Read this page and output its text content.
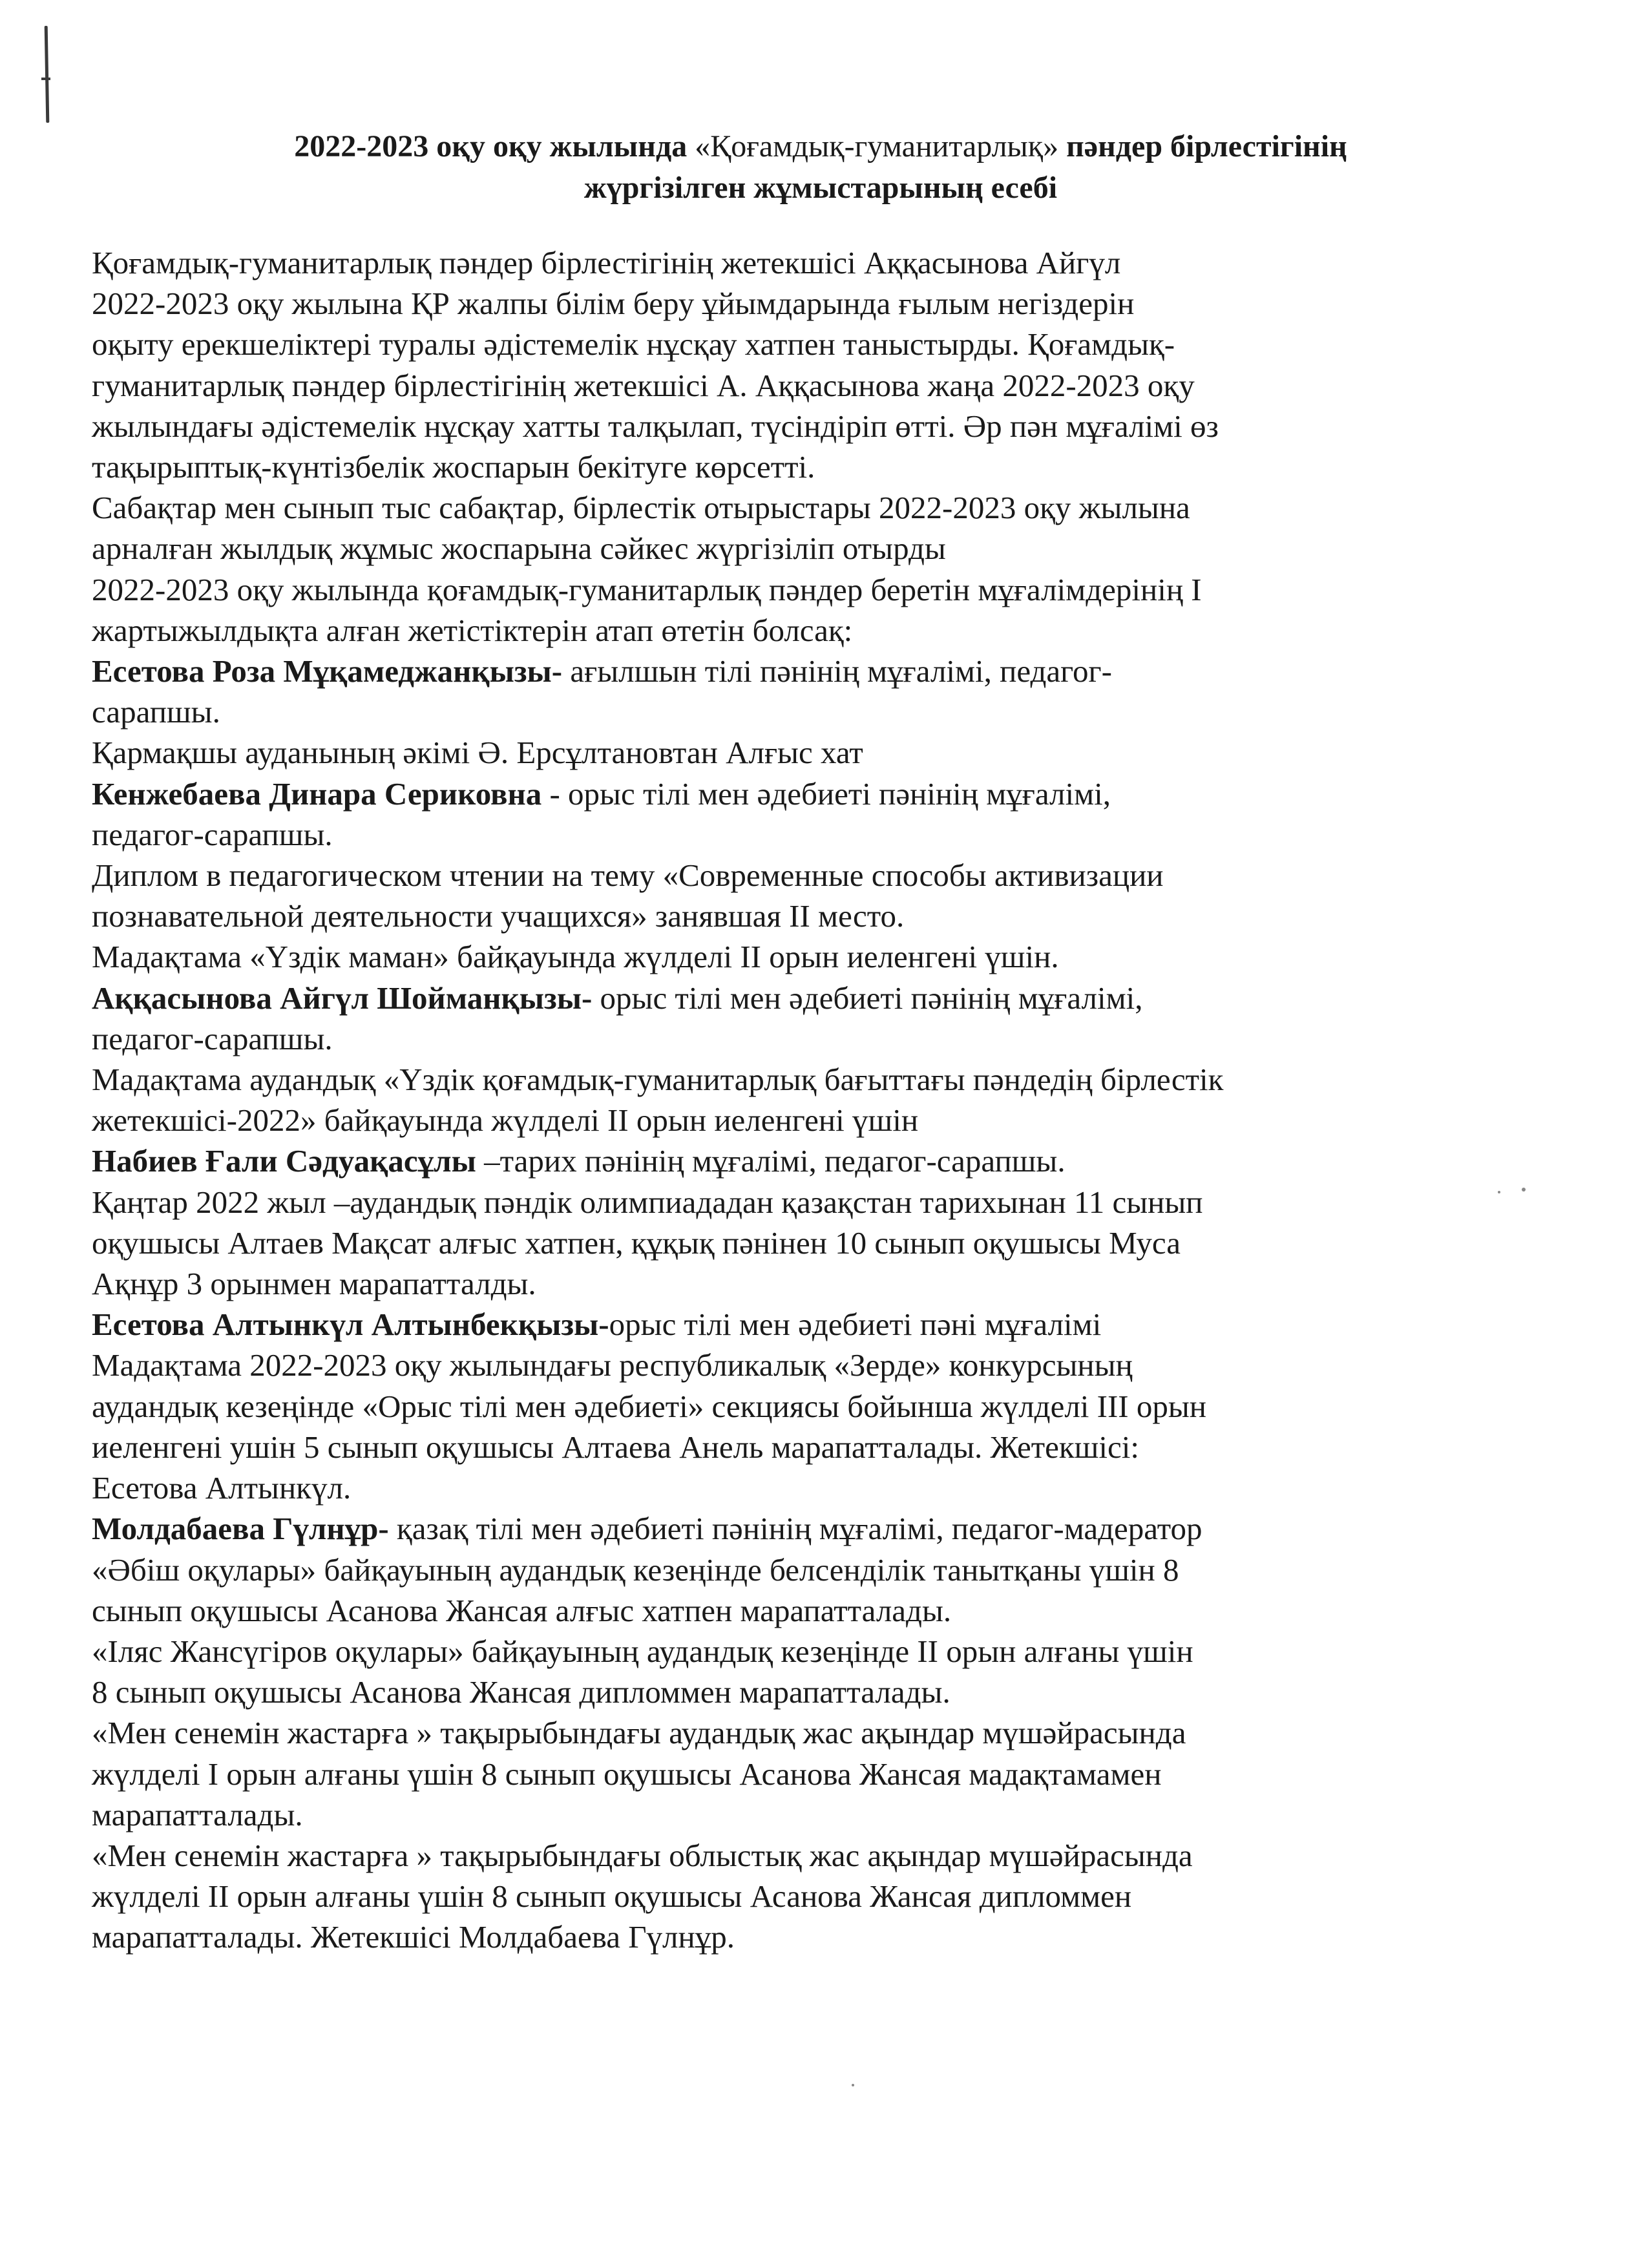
2022-2023 оқу оқу жылында «Қоғамдық-гуманитарлық» пәндер бірлестігінің
жүргізілген жұмыстарының есебі

Қоғамдық-гуманитарлық пәндер бірлестігінің жетекшісі Аққасынова Айгүл

2022-2023 оқу жылына ҚР жалпы білім беру ұйымдарында ғылым негіздерін

оқыту ерекшеліктері туралы әдістемелік нұсқау хатпен таныстырды. Қоғамдық-

гуманитарлық пәндер бірлестігінің жетекшісі А. Аққасынова жаңа 2022-2023 оқу

жылындағы әдістемелік нұсқау хатты талқылап, түсіндіріп өтті. Әр пән мұғалімі өз

тақырыптық-күнтізбелік жоспарын бекітуге көрсетті.

Сабақтар мен сынып тыс сабақтар, бірлестік отырыстары 2022-2023 оқу жылына

арналған жылдық жұмыс жоспарына сәйкес жүргізіліп отырды

2022-2023 оқу жылында қоғамдық-гуманитарлық пәндер беретін мұғалімдерінің I

жартыжылдықта алған жетістіктерін атап өтетін болсақ:

Есетова Роза Мұқамеджанқызы- ағылшын тілі пәнінің мұғалімі, педагог-

сарапшы.

Қармақшы ауданының әкімі Ә. Ерсұлтановтан Алғыс хат

Кенжебаева Динара Сериковна - орыс тілі мен әдебиеті пәнінің мұғалімі,

педагог-сарапшы.

Диплом в педагогическом чтении на тему «Современные способы активизации

познавательной деятельности учащихся» занявшая II место.

Мадақтама «Үздік маман» байқауында жүлделі II орын иеленгені үшін.

Аққасынова Айгүл Шойманқызы- орыс тілі мен әдебиеті пәнінің мұғалімі,

педагог-сарапшы.

Мадақтама аудандық «Үздік қоғамдық-гуманитарлық бағыттағы пәндедің бірлестік

жетекшісі-2022» байқауында жүлделі II орын иеленгені үшін

Набиев Ғали Сәдуақасұлы –тарих пәнінің мұғалімі, педагог-сарапшы.

Қаңтар 2022 жыл –аудандық пәндік олимпиададан қазақстан тарихынан 11 сынып

оқушысы Алтаев Мақсат алғыс хатпен, құқық пәнінен 10 сынып оқушысы Муса

Ақнұр 3 орынмен марапатталды.

Есетова Алтынкүл Алтынбекқызы-орыс тілі мен әдебиеті пәні мұғалімі

Мадақтама 2022-2023 оқу жылындағы республикалық «Зерде» конкурсының

аудандық кезеңінде «Орыс тілі мен әдебиеті» секциясы бойынша жүлделі III орын

иеленгені ушін 5 сынып оқушысы Алтаева Анель марапатталады. Жетекшісі:

Есетова Алтынкүл.

Молдабаева Гүлнұр- қазақ тілі мен әдебиеті пәнінің мұғалімі, педагог-мадератор

«Әбіш оқулары» байқауының аудандық кезеңінде белсенділік танытқаны үшін 8

сынып оқушысы Асанова Жансая алғыс хатпен марапатталады.

«Іляс Жансүгіров оқулары» байқауының аудандық кезеңінде II орын алғаны үшін

8 сынып оқушысы Асанова Жансая дипломмен марапатталады.

«Мен сенемін жастарға » тақырыбындағы аудандық жас ақындар мүшәйрасында

жүлделі I орын алғаны үшін 8 сынып оқушысы Асанова Жансая мадақтамамен

марапатталады.

«Мен сенемін жастарға » тақырыбындағы облыстық жас ақындар мүшәйрасында

жүлделі II орын алғаны үшін 8 сынып оқушысы Асанова Жансая дипломмен

марапатталады. Жетекшісі Молдабаева Гүлнұр.
